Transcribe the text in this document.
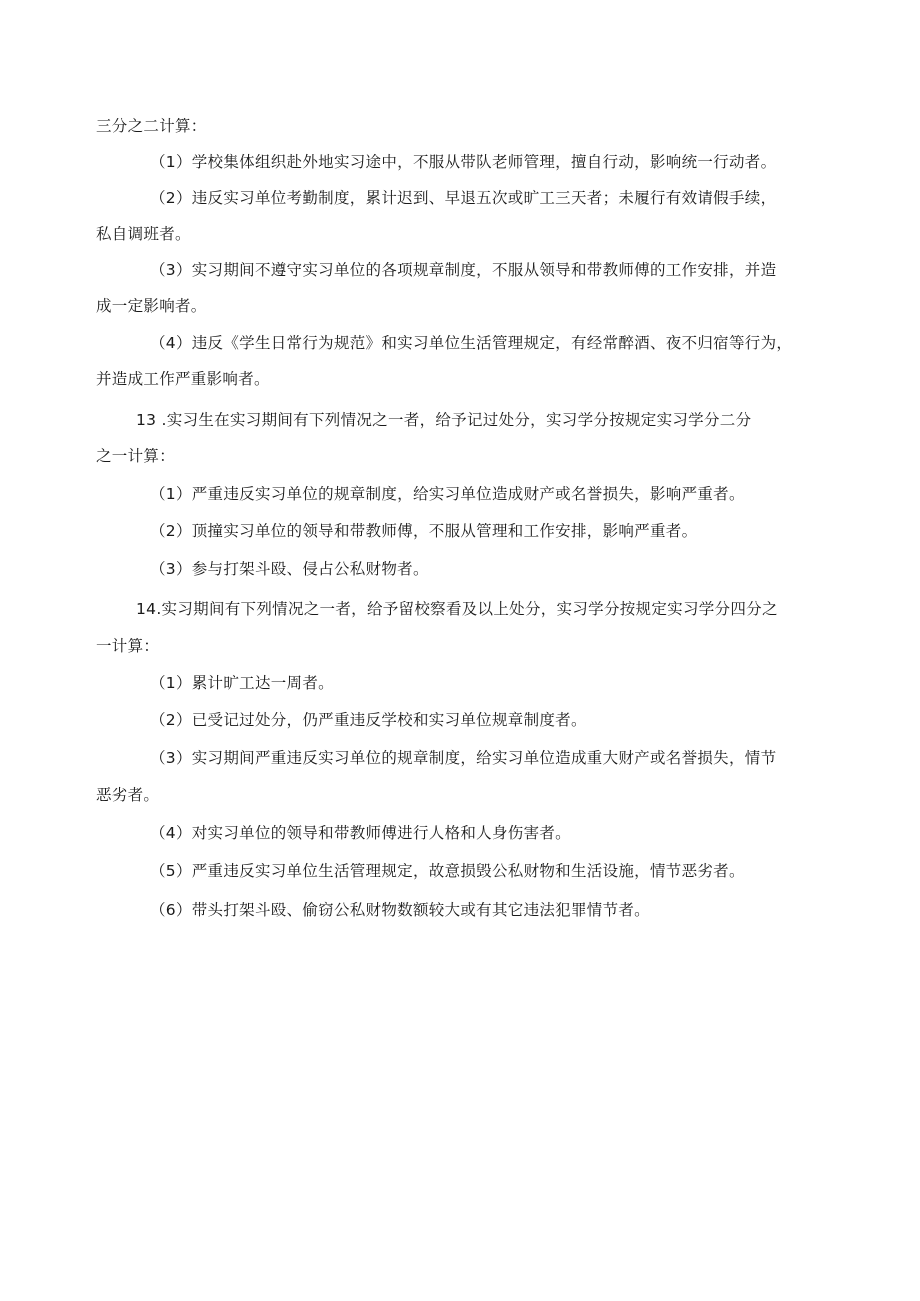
三分之二计算：
（1）学校集体组织赴外地实习途中，不服从带队老师管理，擅自行动，影响统一行动者。
（2）违反实习单位考勤制度，累计迟到、早退五次或旷工三天者；未履行有效请假手续，
私自调班者。
（3）实习期间不遵守实习单位的各项规章制度，不服从领导和带教师傅的工作安排，并造
成一定影响者。
（4）违反《学生日常行为规范》和实习单位生活管理规定，有经常醉酒、夜不归宿等行为，
并造成工作严重影响者。
13 .实习生在实习期间有下列情况之一者，给予记过处分，实习学分按规定实习学分二分
之一计算：
（1）严重违反实习单位的规章制度，给实习单位造成财产或名誉损失，影响严重者。
（2）顶撞实习单位的领导和带教师傅，不服从管理和工作安排，影响严重者。
（3）参与打架斗殴、侵占公私财物者。
14.实习期间有下列情况之一者，给予留校察看及以上处分，实习学分按规定实习学分四分之
一计算：
（1）累计旷工达一周者。
（2）已受记过处分，仍严重违反学校和实习单位规章制度者。
（3）实习期间严重违反实习单位的规章制度，给实习单位造成重大财产或名誉损失，情节
恶劣者。
（4）对实习单位的领导和带教师傅进行人格和人身伤害者。
（5）严重违反实习单位生活管理规定，故意损毁公私财物和生活设施，情节恶劣者。
（6）带头打架斗殴、偷窃公私财物数额较大或有其它违法犯罪情节者。
